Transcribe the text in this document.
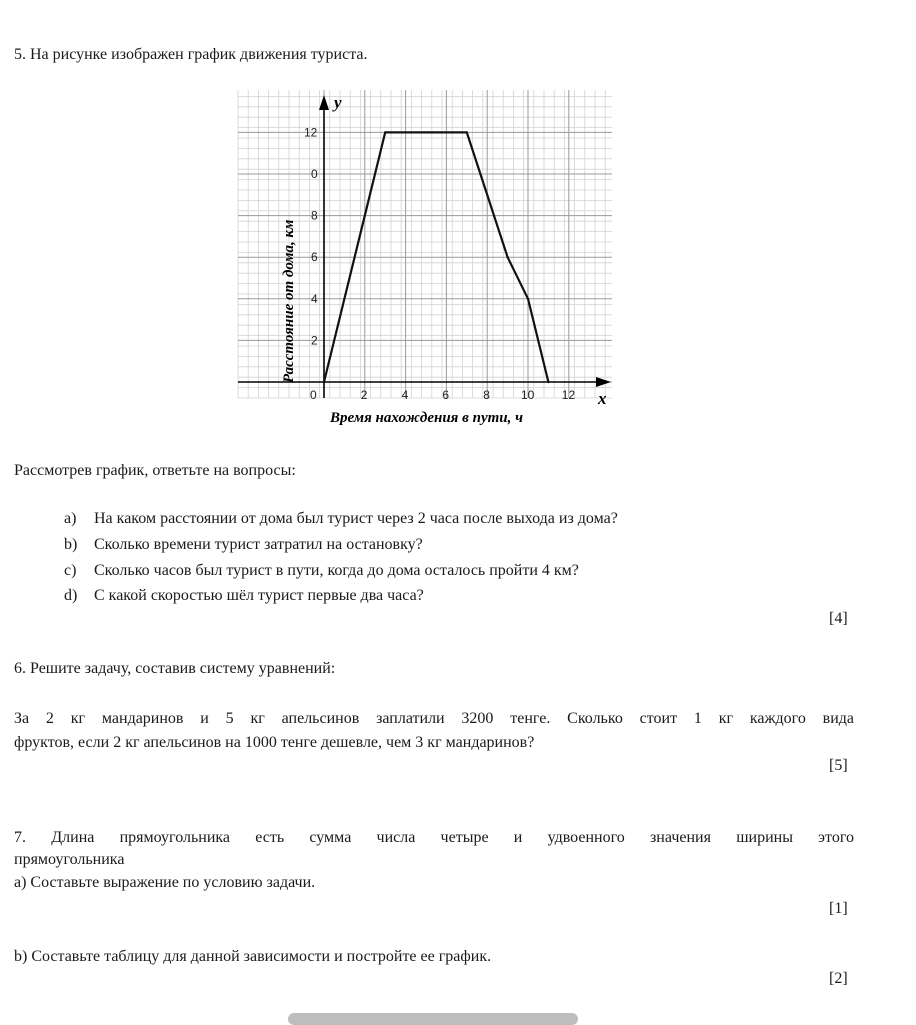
5. На рисунке изображен график движения туриста.
0	2	4	6	8	10 12
2
4
6
8
0
12
y
x
Время нахождения в пути, ч
Расстояние от дома, км
Рассмотрев график, ответьте на вопросы:
a) На каком расстоянии от дома был турист через 2 часа после выхода из дома?
b) Сколько времени турист затратил на остановку?
c) Сколько часов был турист в пути, когда до дома осталось пройти 4 км?
d) С какой скоростью шёл турист первые два часа?
[4]
6. Решите задачу, составив систему уравнений:
За 2 кг мандаринов и 5 кг апельсинов заплатили 3200 тенге. Сколько стоит 1 кг каждого вида
фруктов, если 2 кг апельсинов на 1000 тенге дешевле, чем 3 кг мандаринов?
[5]
7. Длина прямоугольника есть сумма числа четыре и удвоенного значения ширины этого
прямоугольника
а) Составьте выражение по условию задачи.
[1]
b) Составьте таблицу для данной зависимости и постройте ее график.
[2]
